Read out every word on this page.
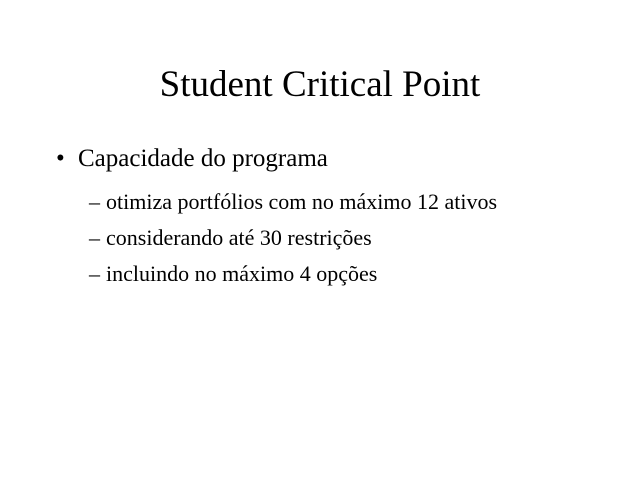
Student Critical Point
• Capacidade do programa
– otimiza portfólios com no máximo 12 ativos
– considerando até 30 restrições
– incluindo no máximo 4 opções
